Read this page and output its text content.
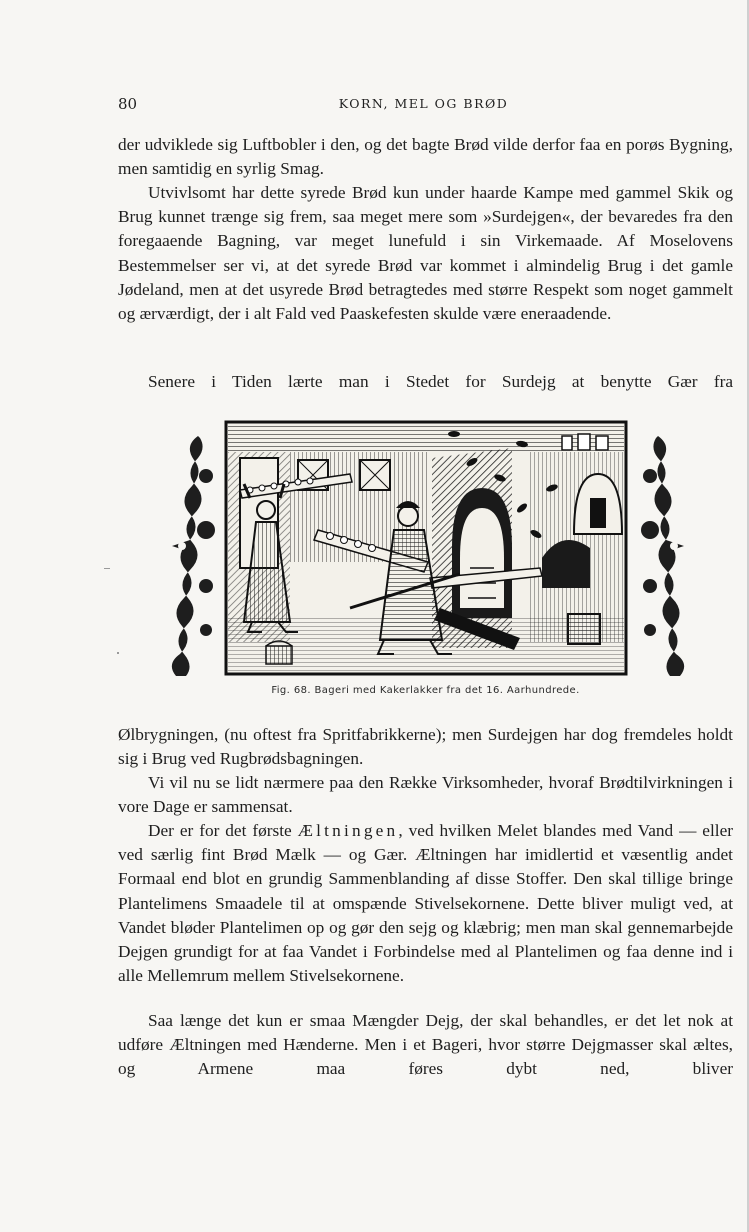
80	KORN, MEL OG BRØD

der udviklede sig Luftbobler i den, og det bagte Brød vilde derfor faa en porøs Bygning, men samtidig en syrlig Smag.

Utvivlsomt har dette syrede Brød kun under haarde Kampe med gammel Skik og Brug kunnet trænge sig frem, saa meget mere som »Surdejgen«, der bevaredes fra den foregaaende Bagning, var meget lunefuld i sin Virkemaade. Af Moselovens Bestemmelser ser vi, at det syrede Brød var kommet i almindelig Brug i det gamle Jødeland, men at det usyrede Brød betragtedes med større Respekt som noget gammelt og ærværdigt, der i alt Fald ved Paaskefesten skulde være eneraadende.

Senere i Tiden lærte man i Stedet for Surdejg at benytte Gær fra

Fig. 68. Bageri med Kakerlakker fra det 16. Aarhundrede.

Ølbrygningen, (nu oftest fra Spritfabrikkerne); men Surdejgen har dog fremdeles holdt sig i Brug ved Rugbrødsbagningen.

Vi vil nu se lidt nærmere paa den Række Virksomheder, hvoraf Brødtilvirkningen i vore Dage er sammensat.

Der er for det første Æltningen, ved hvilken Melet blandes med Vand — eller ved særlig fint Brød Mælk — og Gær. Æltningen har imidlertid et væsentlig andet Formaal end blot en grundig Sammenblanding af disse Stoffer. Den skal tillige bringe Plantelimens Smaadele til at omspænde Stivelsekornene. Dette bliver muligt ved, at Vandet bløder Plantelimen op og gør den sejg og klæbrig; men man skal gennemarbejde Dejgen grundigt for at faa Vandet i Forbindelse med al Plantelimen og faa denne ind i alle Mellemrum mellem Stivelsekornene.

Saa længe det kun er smaa Mængder Dejg, der skal behandles, er det let nok at udføre Æltningen med Hænderne. Men i et Bageri, hvor større Dejgmasser skal æltes, og Armene maa føres dybt ned, bliver
